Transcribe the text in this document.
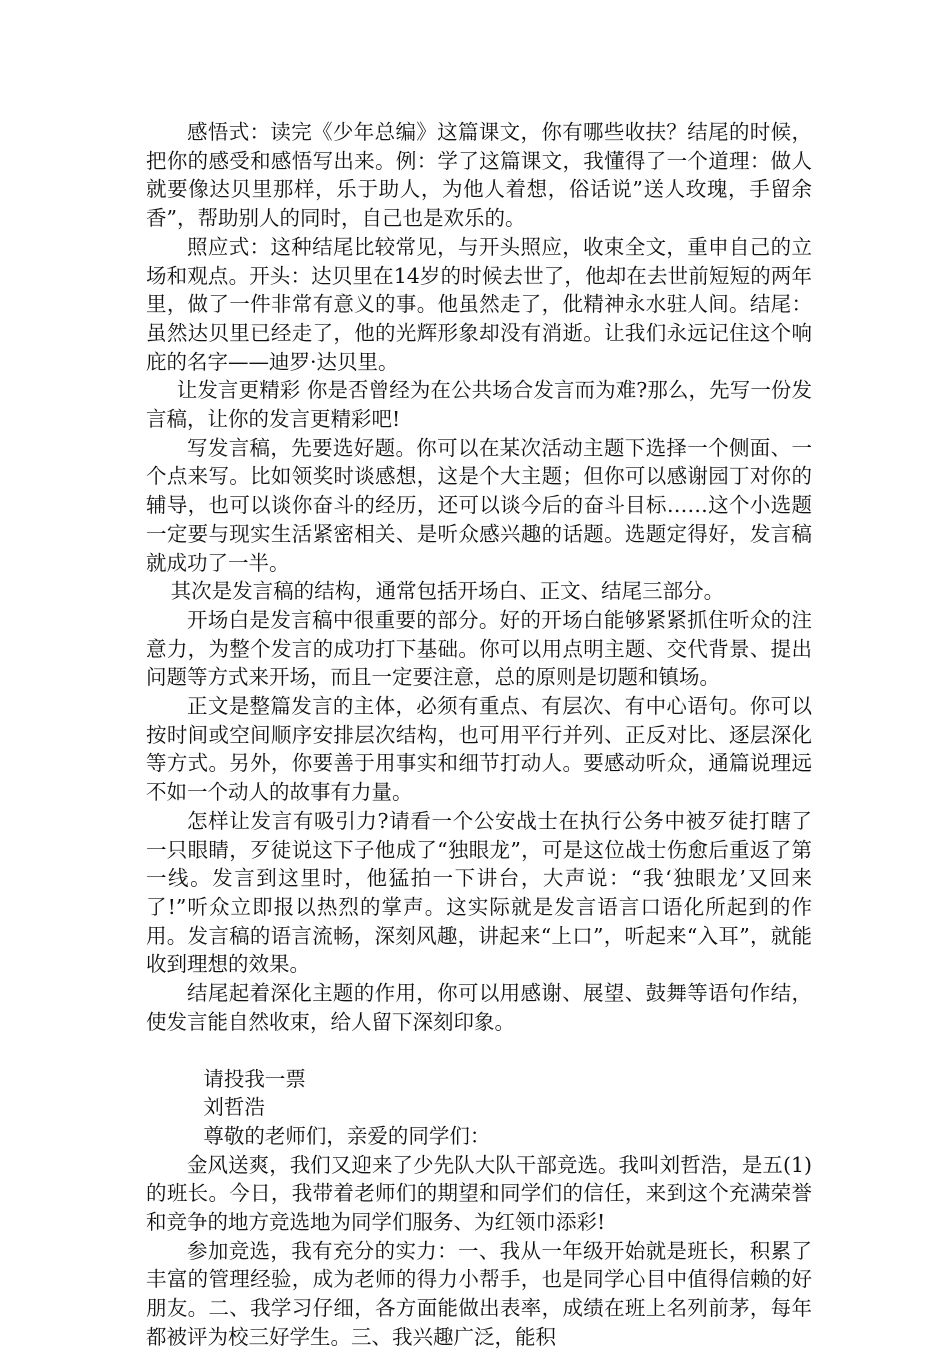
感悟式：读完《少年总编》这篇课文，你有哪些收扶？结尾的时候，把你的感受和感悟写出来。例：学了这篇课文，我懂得了一个道理：做人就要像达贝里那样，乐于助人，为他人着想，俗话说”送人玫瑰，手留余香”，帮助别人的同时，自己也是欢乐的。

照应式：这种结尾比较常见，与开头照应，收束全文，重申自己的立场和观点。开头：达贝里在14岁的时候去世了，他却在去世前短短的两年里，做了一件非常有意义的事。他虽然走了，仳精神永水驻人间。结尾：虽然达贝里已经走了，他的光辉形象却没有消逝。让我们永远记住这个响庇的名字——迪罗·达贝里。

让发言更精彩 你是否曾经为在公共场合发言而为难?那么，先写一份发言稿，让你的发言更精彩吧!

写发言稿，先要选好题。你可以在某次活动主题下选择一个侧面、一个点来写。比如领奖时谈感想，这是个大主题；但你可以感谢园丁对你的辅导，也可以谈你奋斗的经历，还可以谈今后的奋斗目标……这个小选题一定要与现实生活紧密相关、是听众感兴趣的话题。选题定得好，发言稿就成功了一半。

其次是发言稿的结构，通常包括开场白、正文、结尾三部分。

开场白是发言稿中很重要的部分。好的开场白能够紧紧抓住听众的注意力，为整个发言的成功打下基础。你可以用点明主题、交代背景、提出问题等方式来开场，而且一定要注意，总的原则是切题和镇场。

正文是整篇发言的主体，必须有重点、有层次、有中心语句。你可以按时间或空间顺序安排层次结构，也可用平行并列、正反对比、逐层深化等方式。另外，你要善于用事实和细节打动人。要感动听众，通篇说理远不如一个动人的故事有力量。

怎样让发言有吸引力?请看一个公安战士在执行公务中被歹徒打瞎了一只眼睛，歹徒说这下子他成了“独眼龙”，可是这位战士伤愈后重返了第一线。发言到这里时，他猛拍一下讲台，大声说：“我‘独眼龙’又回来了!”听众立即报以热烈的掌声。这实际就是发言语言口语化所起到的作用。发言稿的语言流畅，深刻风趣，讲起来“上口”，听起来“入耳”，就能收到理想的效果。

结尾起着深化主题的作用，你可以用感谢、展望、鼓舞等语句作结，使发言能自然收束，给人留下深刻印象。

请投我一票

刘哲浩

尊敬的老师们，亲爱的同学们：

金风送爽，我们又迎来了少先队大队干部竞选。我叫刘哲浩，是五(1)的班长。今日，我带着老师们的期望和同学们的信任，来到这个充满荣誉和竞争的地方竞选地为同学们服务、为红领巾添彩!

参加竞选，我有充分的实力：一、我从一年级开始就是班长，积累了丰富的管理经验，成为老师的得力小帮手，也是同学心目中值得信赖的好朋友。二、我学习仔细，各方面能做出表率，成绩在班上名列前茅，每年都被评为校三好学生。三、我兴趣广泛，能积
